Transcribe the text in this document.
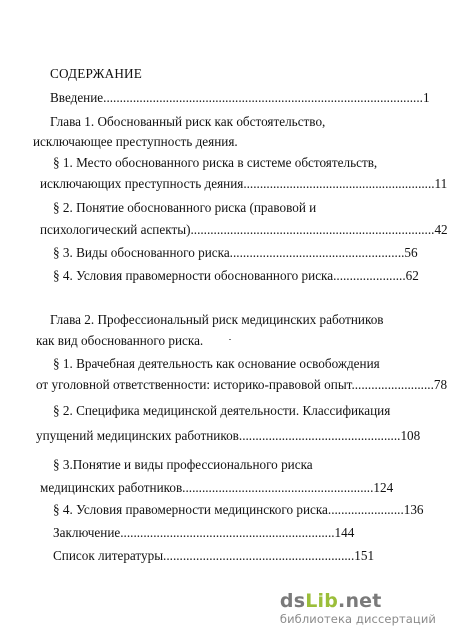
СОДЕРЖАНИЕ
Введение.................................................................................................1
Глава 1. Обоснованный риск как обстоятельство,
исключающее преступность деяния.
§ 1. Место обоснованного риска в системе обстоятельств,
исключающих преступность деяния..........................................................11
§ 2. Понятие обоснованного риска (правовой и
психологический аспекты)..........................................................................42
§ 3. Виды обоснованного риска.....................................................56
§ 4. Условия правомерности обоснованного риска......................62
Глава 2. Профессиональный риск медицинских работников
как вид обоснованного риска.
§ 1. Врачебная деятельность как основание освобождения
от уголовной ответственности: историко-правовой опыт.........................78
§ 2. Специфика медицинской деятельности. Классификация
упущений медицинских работников.................................................108
§ 3.Понятие и виды профессионального риска
медицинских работников..........................................................124
§ 4. Условия правомерности медицинского риска.......................136
Заключение.................................................................144
Список литературы..........................................................151
dsLib.net
библиотека диссертаций
